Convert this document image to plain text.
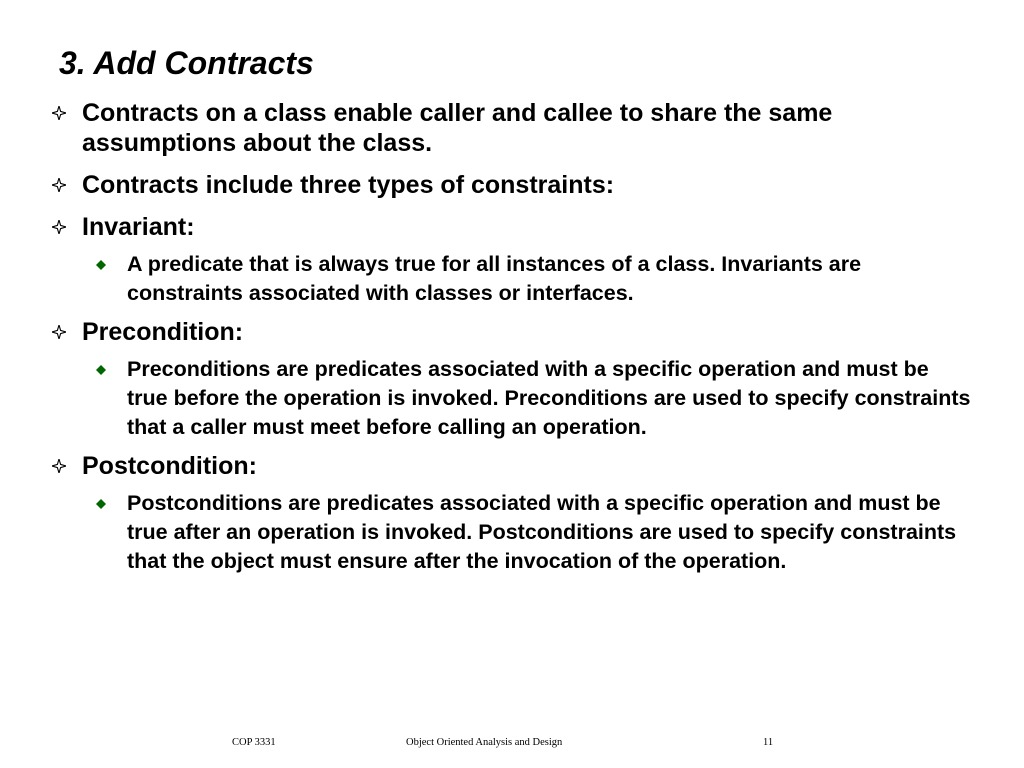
3. Add Contracts
Contracts on a class enable caller and callee to share the same assumptions about the class.
Contracts include three types of constraints:
Invariant:
A predicate that is always true for all instances of a class. Invariants are constraints associated with classes or interfaces.
Precondition:
Preconditions are predicates associated with a specific operation and must be true before the operation is invoked. Preconditions are used to specify constraints that a caller must meet before calling an operation.
Postcondition:
Postconditions are predicates associated with a specific operation and must be true after an operation is invoked. Postconditions are used to specify constraints that the object must ensure after the invocation of the operation.
COP 3331	Object Oriented Analysis and Design	11
